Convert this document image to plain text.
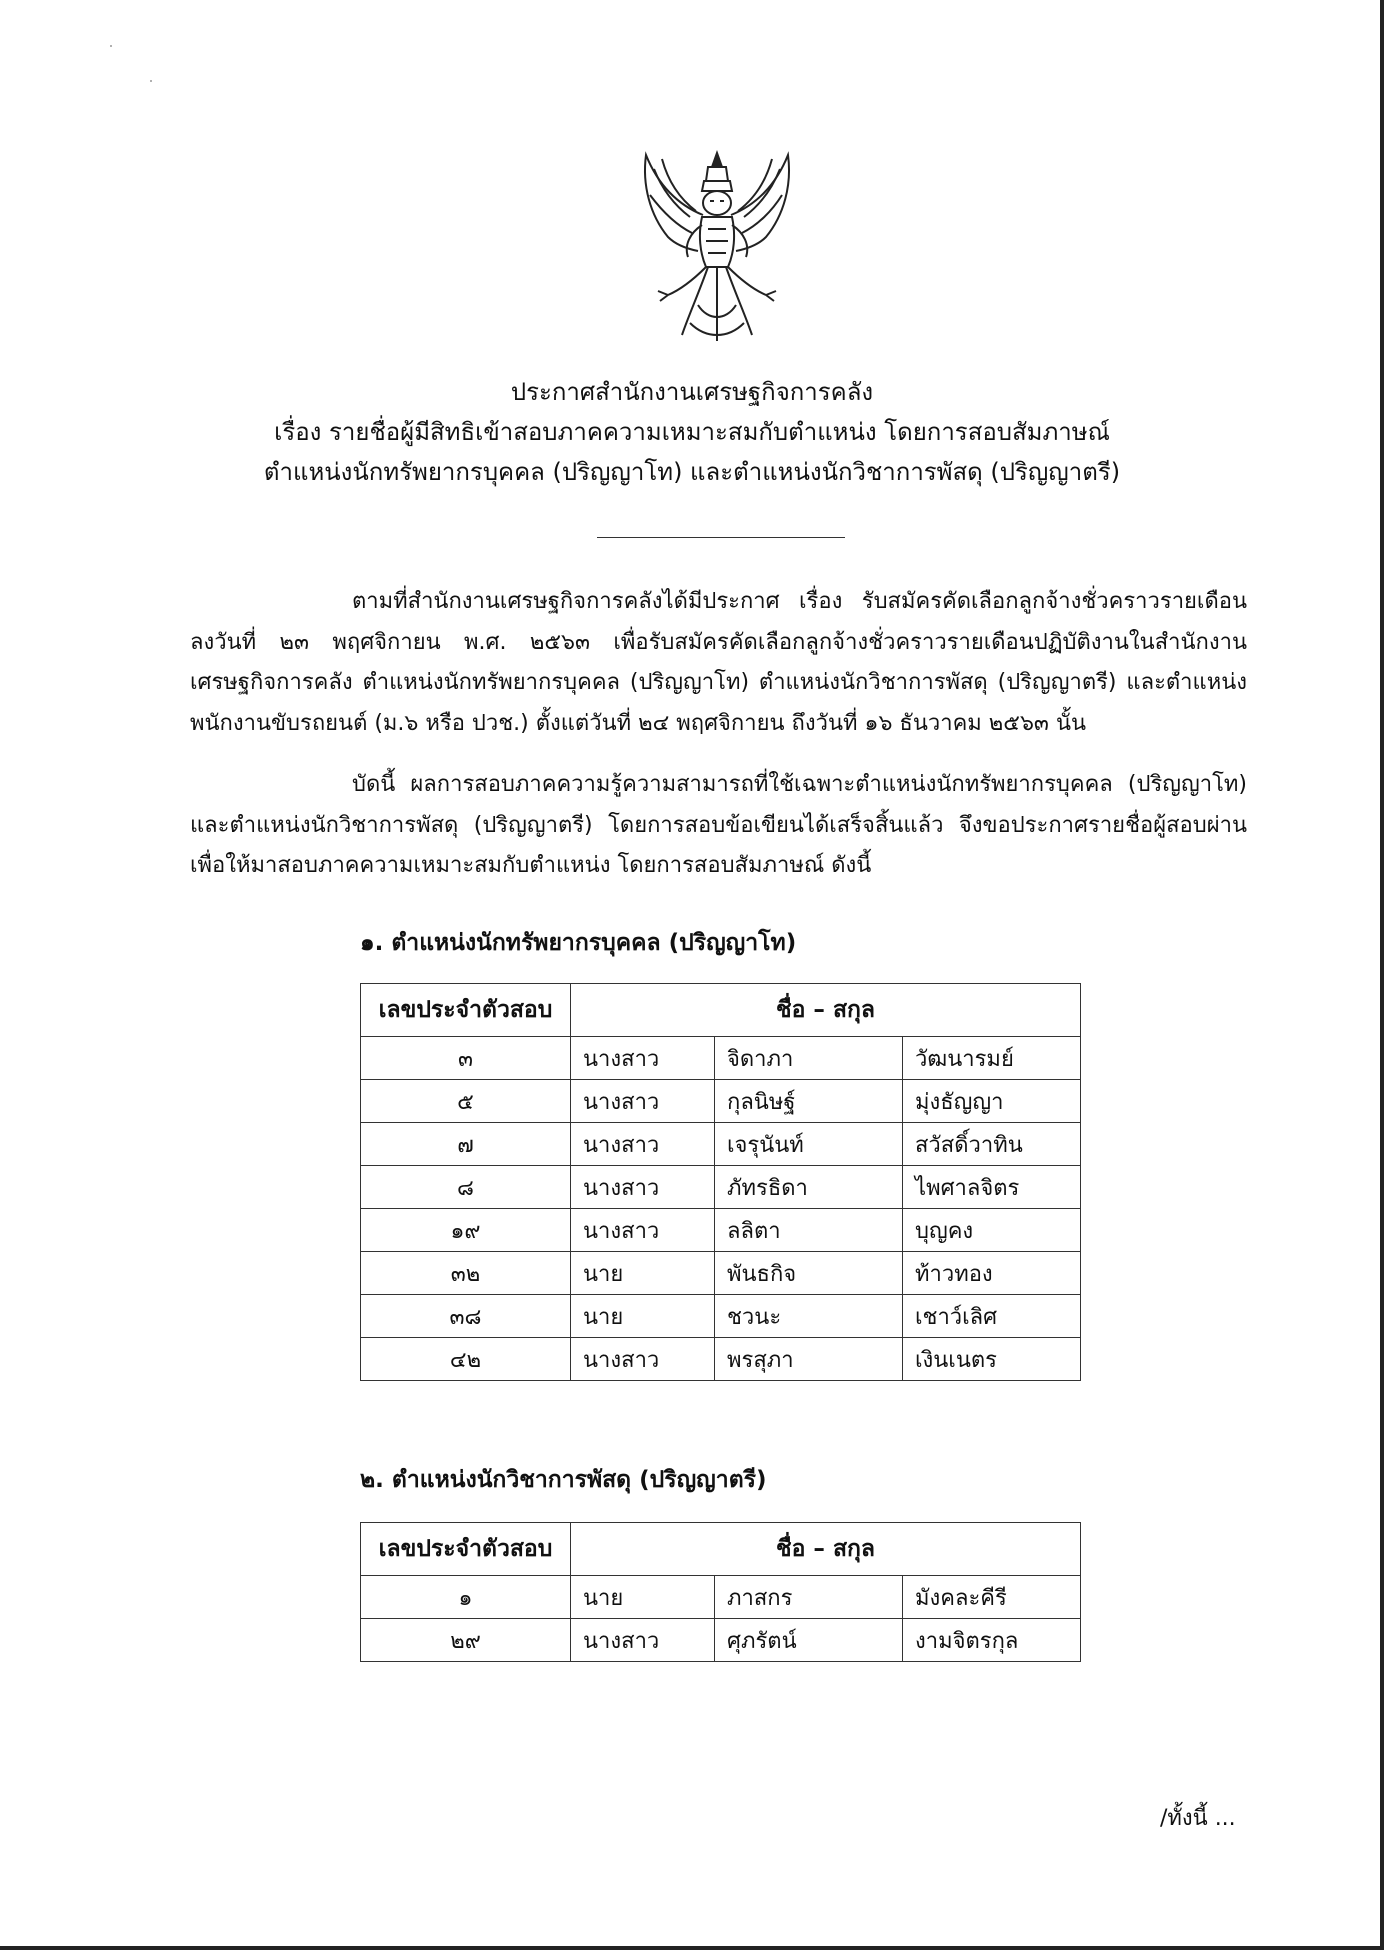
ประกาศสำนักงานเศรษฐกิจการคลัง
เรื่อง รายชื่อผู้มีสิทธิเข้าสอบภาคความเหมาะสมกับตำแหน่ง โดยการสอบสัมภาษณ์
ตำแหน่งนักทรัพยากรบุคคล (ปริญญาโท) และตำแหน่งนักวิชาการพัสดุ (ปริญญาตรี)
ตามที่สำนักงานเศรษฐกิจการคลังได้มีประกาศ เรื่อง รับสมัครคัดเลือกลูกจ้างชั่วคราวรายเดือน
ลงวันที่ ๒๓ พฤศจิกายน พ.ศ. ๒๕๖๓ เพื่อรับสมัครคัดเลือกลูกจ้างชั่วคราวรายเดือนปฏิบัติงานในสำนักงาน
เศรษฐกิจการคลัง ตำแหน่งนักทรัพยากรบุคคล (ปริญญาโท) ตำแหน่งนักวิชาการพัสดุ (ปริญญาตรี) และตำแหน่ง
พนักงานขับรถยนต์ (ม.๖ หรือ ปวช.) ตั้งแต่วันที่ ๒๔ พฤศจิกายน ถึงวันที่ ๑๖ ธันวาคม ๒๕๖๓ นั้น
บัดนี้ ผลการสอบภาคความรู้ความสามารถที่ใช้เฉพาะตำแหน่งนักทรัพยากรบุคคล (ปริญญาโท)
และตำแหน่งนักวิชาการพัสดุ (ปริญญาตรี) โดยการสอบข้อเขียนได้เสร็จสิ้นแล้ว จึงขอประกาศรายชื่อผู้สอบผ่าน
เพื่อให้มาสอบภาคความเหมาะสมกับตำแหน่ง โดยการสอบสัมภาษณ์ ดังนี้
๑. ตำแหน่งนักทรัพยากรบุคคล (ปริญญาโท)
เลขประจำตัวสอบ	ชื่อ – สกุล		
๓	นางสาว	จิดาภา	วัฒนารมย์
๕	นางสาว	กุลนิษฐ์	มุ่งธัญญา
๗	นางสาว	เจรุนันท์	สวัสดิ์วาทิน
๘	นางสาว	ภัทรธิดา	ไพศาลจิตร
๑๙	นางสาว	ลลิตา	บุญคง
๓๒	นาย	พันธกิจ	ท้าวทอง
๓๘	นาย	ชวนะ	เชาว์เลิศ
๔๒	นางสาว	พรสุภา	เงินเนตร
๒. ตำแหน่งนักวิชาการพัสดุ (ปริญญาตรี)
เลขประจำตัวสอบ	ชื่อ – สกุล		
๑	นาย	ภาสกร	มังคละคีรี
๒๙	นางสาว	ศุภรัตน์	งามจิตรกุล
/ทั้งนี้ ...
